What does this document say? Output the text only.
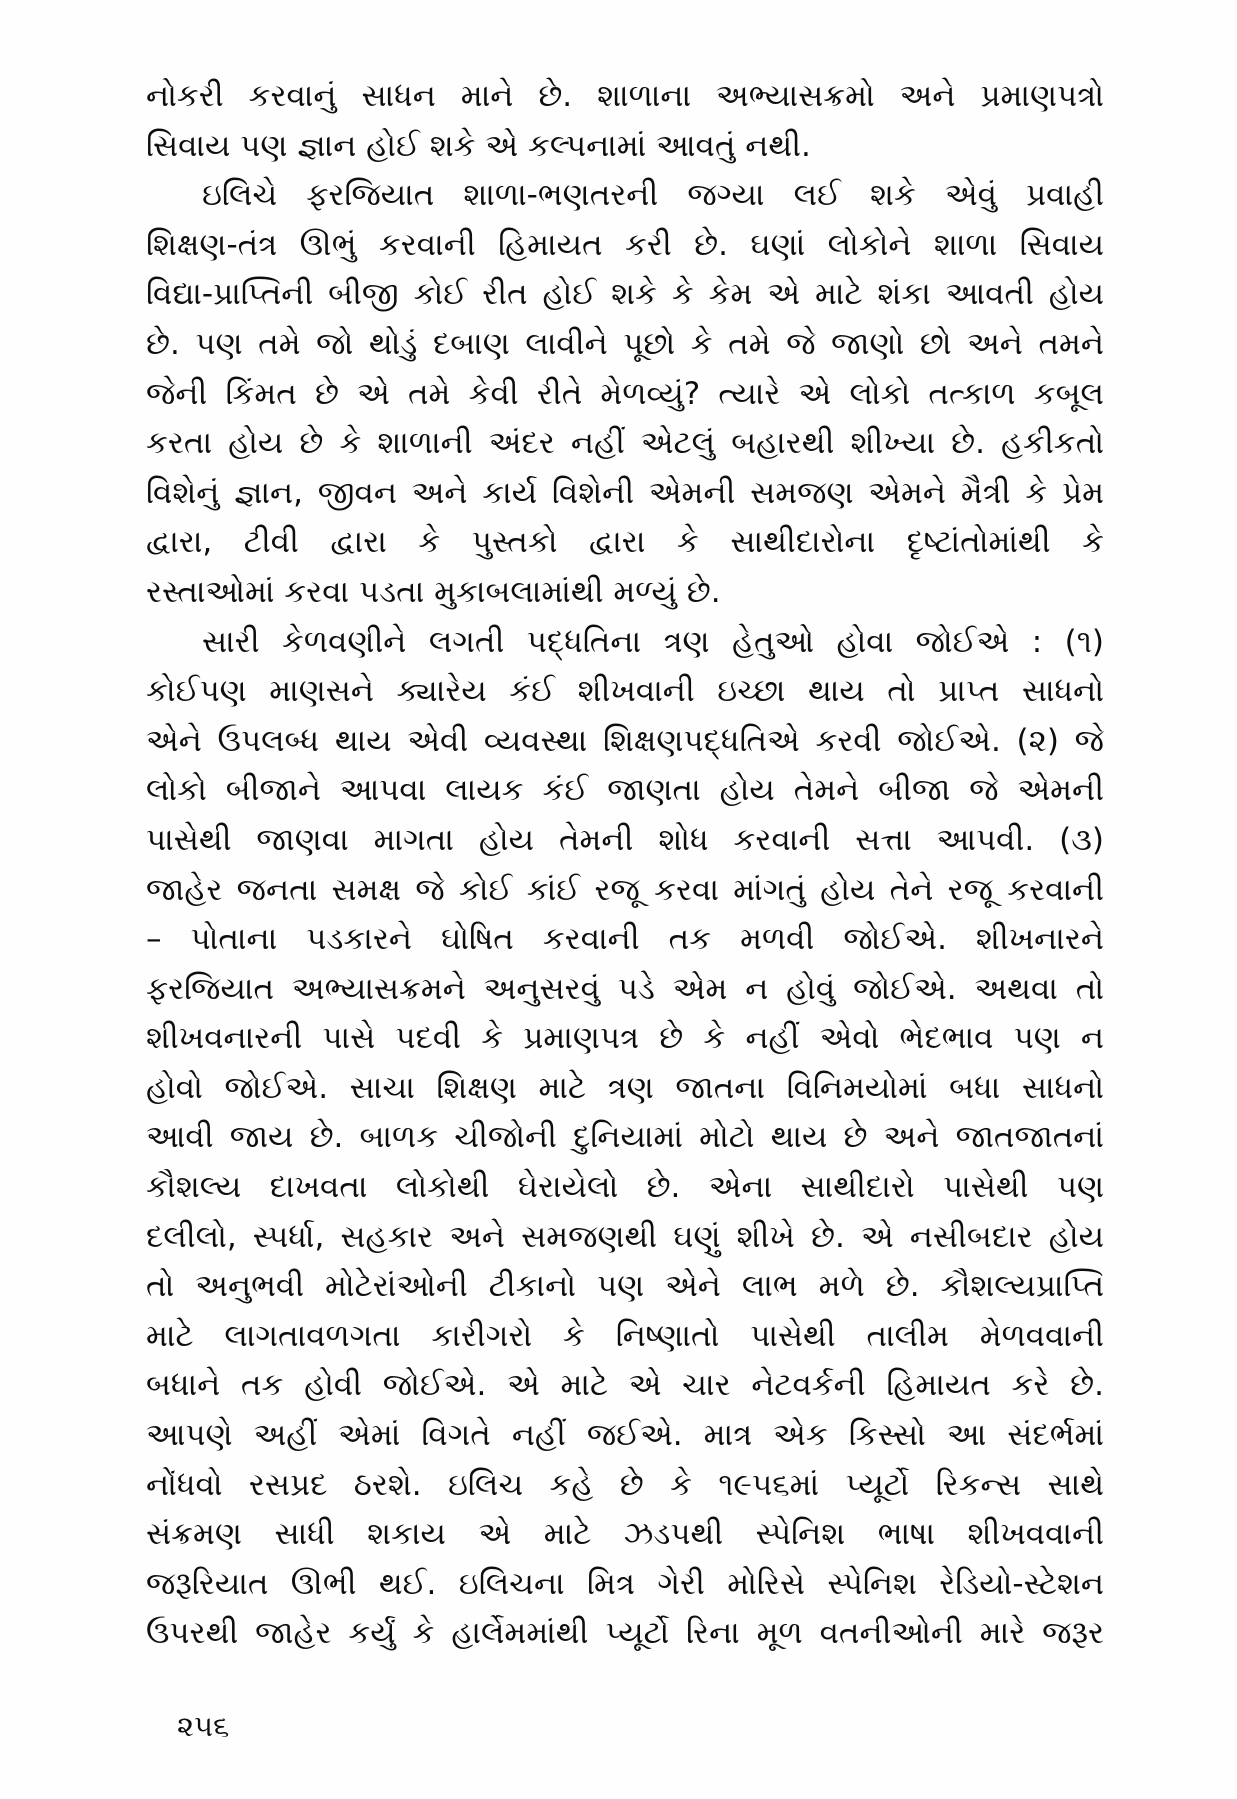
નોકરી કરવાનું સાધન માને છે. શાળાના અભ્યાસક્રમો અને પ્રમાણપત્રો
સિવાય પણ જ્ઞાન હોઈ શકે એ કલ્પનામાં આવતું નથી.
ઇલિચે ફરજિયાત શાળા-ભણતરની જગ્યા લઈ શકે એવું પ્રવાહી
શિક્ષણ-તંત્ર ઊભું કરવાની હિમાયત કરી છે. ઘણાં લોકોને શાળા સિવાય
વિદ્યા-પ્રાપ્તિની બીજી કોઈ રીત હોઈ શકે કે કેમ એ માટે શંકા આવતી હોય
છે. પણ તમે જો થોડું દબાણ લાવીને પૂછો કે તમે જે જાણો છો અને તમને
જેની કિંમત છે એ તમે કેવી રીતે મેળવ્યું? ત્યારે એ લોકો તત્કાળ કબૂલ
કરતા હોય છે કે શાળાની અંદર નહીં એટલું બહારથી શીખ્યા છે. હકીકતો
વિશેનું જ્ઞાન, જીવન અને કાર્ય વિશેની એમની સમજણ એમને મૈત્રી કે પ્રેમ
દ્વારા, ટીવી દ્વારા કે પુસ્તકો દ્વારા કે સાથીદારોના દૃષ્ટાંતોમાંથી કે
રસ્તાઓમાં કરવા પડતા મુકાબલામાંથી મળ્યું છે.
સારી કેળવણીને લગતી પદ્ધતિના ત્રણ હેતુઓ હોવા જોઈએ : (૧)
કોઈપણ માણસને ક્યારેય કંઈ શીખવાની ઇચ્છા થાય તો પ્રાપ્ત સાધનો
એને ઉપલબ્ધ થાય એવી વ્યવસ્થા શિક્ષણપદ્ધતિએ કરવી જોઈએ. (૨) જે
લોકો બીજાને આપવા લાયક કંઈ જાણતા હોય તેમને બીજા જે એમની
પાસેથી જાણવા માગતા હોય તેમની શોધ કરવાની સત્તા આપવી. (૩)
જાહેર જનતા સમક્ષ જે કોઈ કાંઈ રજૂ કરવા માંગતું હોય તેને રજૂ કરવાની
– પોતાના પડકારને ઘોષિત કરવાની તક મળવી જોઈએ. શીખનારને
ફરજિયાત અભ્યાસક્રમને અનુસરવું પડે એમ ન હોવું જોઈએ. અથવા તો
શીખવનારની પાસે પદવી કે પ્રમાણપત્ર છે કે નહીં એવો ભેદભાવ પણ ન
હોવો જોઈએ. સાચા શિક્ષણ માટે ત્રણ જાતના વિનિમયોમાં બધા સાધનો
આવી જાય છે. બાળક ચીજોની દુનિયામાં મોટો થાય છે અને જાતજાતનાં
કૌશલ્ય દાખવતા લોકોથી ઘેરાયેલો છે. એના સાથીદારો પાસેથી પણ
દલીલો, સ્પર્ધા, સહકાર અને સમજણથી ઘણું શીખે છે. એ નસીબદાર હોય
તો અનુભવી મોટેરાંઓની ટીકાનો પણ એને લાભ મળે છે. કૌશલ્યપ્રાપ્તિ
માટે લાગતાવળગતા કારીગરો કે નિષ્ણાતો પાસેથી તાલીમ મેળવવાની
બધાને તક હોવી જોઈએ. એ માટે એ ચાર નેટવર્કની હિમાયત કરે છે.
આપણે અહીં એમાં વિગતે નહીં જઈએ. માત્ર એક કિસ્સો આ સંદર્ભમાં
નોંધવો રસપ્રદ ઠરશે. ઇલિચ કહે છે કે ૧૯૫૬માં પ્યૂર્ટો રિકન્સ સાથે
સંક્રમણ સાધી શકાય એ માટે ઝડપથી સ્પેનિશ ભાષા શીખવવાની
જરૂરિયાત ઊભી થઈ. ઇલિચના મિત્ર ગેરી મોરિસે સ્પેનિશ રેડિયો-સ્ટેશન
ઉપરથી જાહેર કર્યું કે હાર્લેમમાંથી પ્યૂર્ટો રિના મૂળ વતનીઓની મારે જરૂર
૨૫૬
